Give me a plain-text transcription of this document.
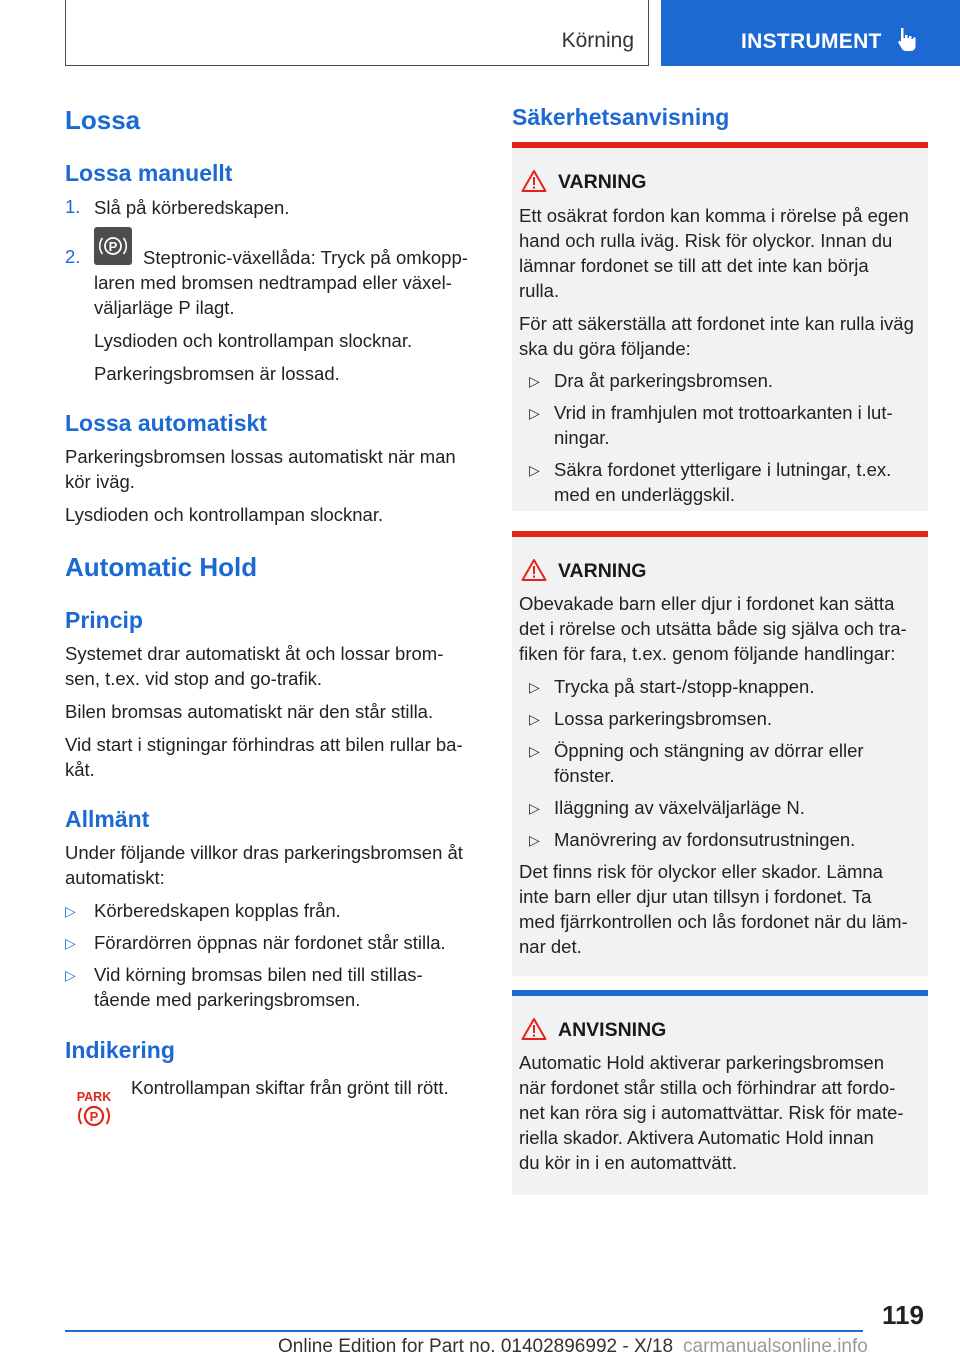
Körning	INSTRUMENT
Lossa
Lossa manuellt
1. Slå på körberedskapen.
2. P
Steptronic-växellåda: Tryck på omkopp-
laren med bromsen nedtrampad eller växel-
väljarläge P ilagt.
Lysdioden och kontrollampan slocknar.
Parkeringsbromsen är lossad.
Lossa automatiskt
Parkeringsbromsen lossas automatiskt när man
kör iväg.
Lysdioden och kontrollampan slocknar.
Automatic Hold
Princip
Systemet drar automatiskt åt och lossar brom-
sen, t.ex. vid stop and go-trafik.
Bilen bromsas automatiskt när den står stilla.
Vid start i stigningar förhindras att bilen rullar ba-
kåt.
Allmänt
Under följande villkor dras parkeringsbromsen åt
automatiskt:
▷ Körberedskapen kopplas från.
▷ Förardörren öppnas när fordonet står stilla.
▷ Vid körning bromsas bilen ned till stillas-
tående med parkeringsbromsen.
Indikering
PARK
P
Kontrollampan skiftar från grönt till rött.
Säkerhetsanvisning
VARNING
Ett osäkrat fordon kan komma i rörelse på egen
hand och rulla iväg. Risk för olyckor. Innan du
lämnar fordonet se till att det inte kan börja
rulla.
För att säkerställa att fordonet inte kan rulla iväg
ska du göra följande:
▷ Dra åt parkeringsbromsen.
▷ Vrid in framhjulen mot trottoarkanten i lut-
ningar.
▷ Säkra fordonet ytterligare i lutningar, t.ex.
med en underläggskil.
VARNING
Obevakade barn eller djur i fordonet kan sätta
det i rörelse och utsätta både sig själva och tra-
fiken för fara, t.ex. genom följande handlingar:
▷ Trycka på start-/stopp-knappen.
▷ Lossa parkeringsbromsen.
▷ Öppning och stängning av dörrar eller
fönster.
▷ Iläggning av växelväljarläge N.
▷ Manövrering av fordonsutrustningen.
Det finns risk för olyckor eller skador. Lämna
inte barn eller djur utan tillsyn i fordonet. Ta
med fjärrkontrollen och lås fordonet när du läm-
nar det.
ANVISNING
Automatic Hold aktiverar parkeringsbromsen
när fordonet står stilla och förhindrar att fordo-
net kan röra sig i automattvättar. Risk för mate-
riella skador. Aktivera Automatic Hold innan
du kör in i en automattvätt.
119
Online Edition for Part no. 01402896992 - X/18 carmanualsonline.info
